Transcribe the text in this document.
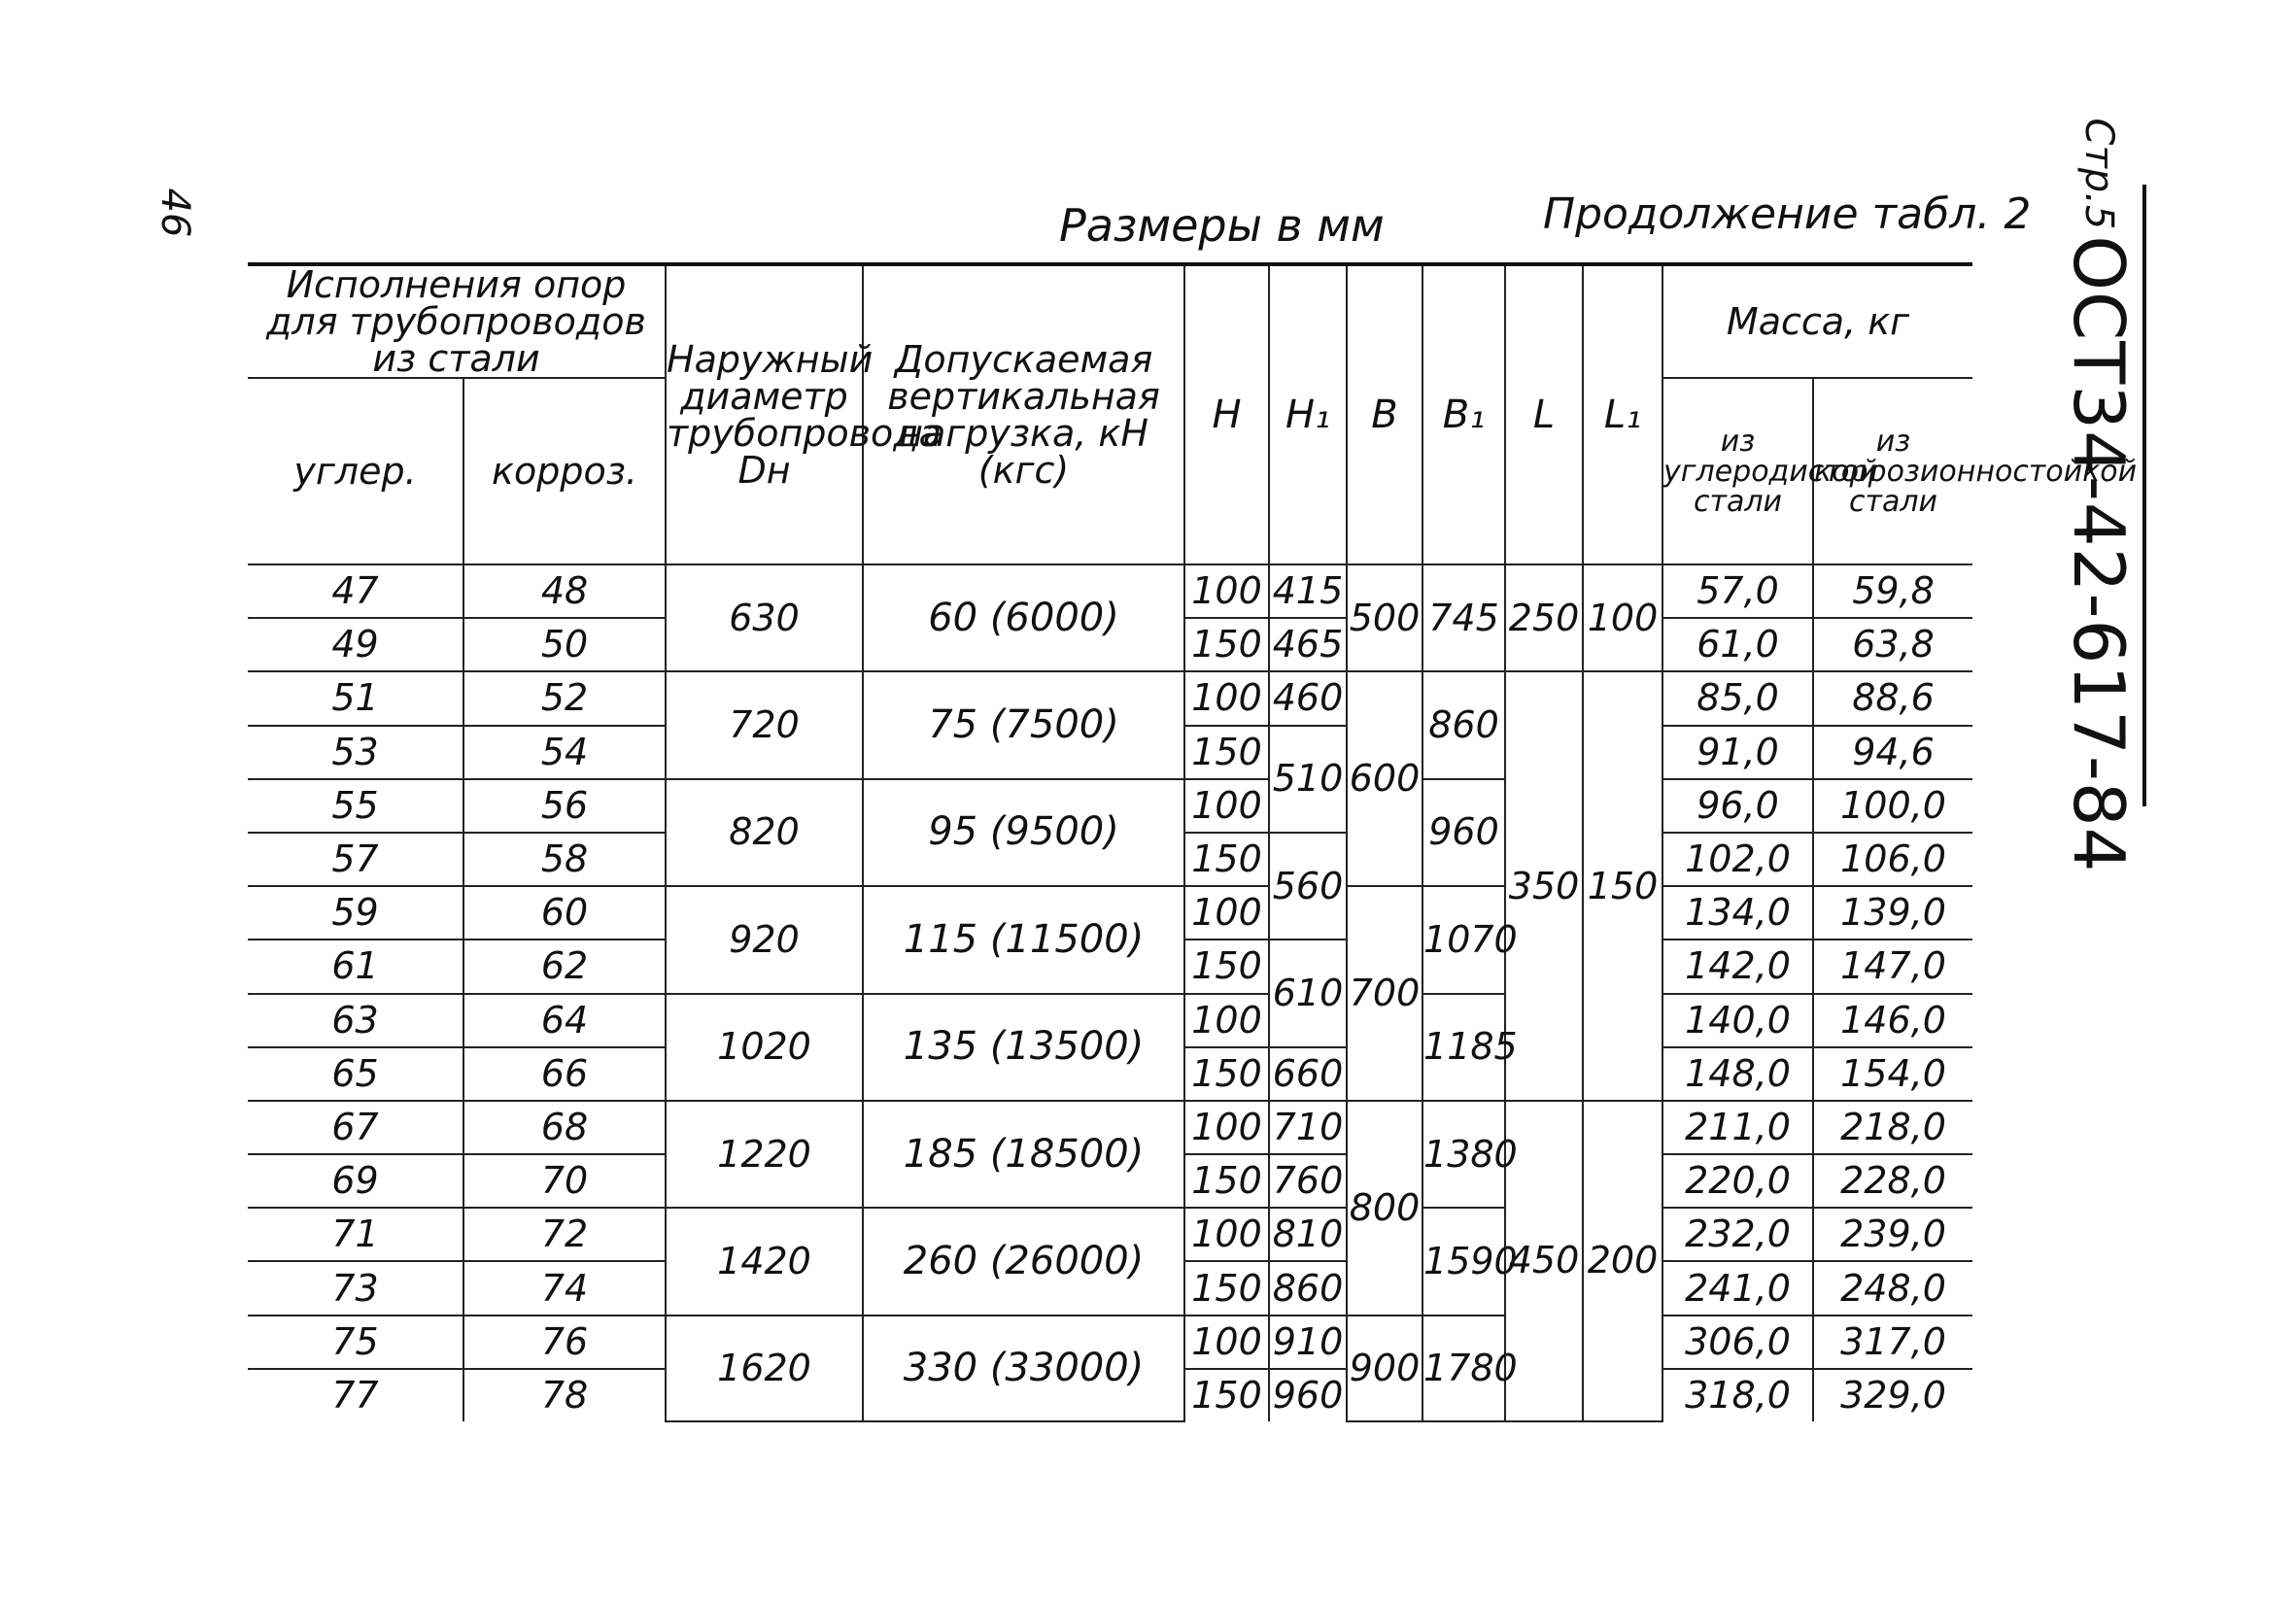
46	Размеры в мм	Продолжение табл. 2 Стр.5
ОСТ34-42-617-84
Исполнения опор для трубопроводов из стали		Наружный диаметр трубопровода Dн	Допускаемая вертикальная нагрузка, кН (кгс)	H	H₁	B	B₁	L	L₁	Масса, кг	
углер.	корроз.									из углеродистой стали	из коррозионностойкой стали
47	48	630	60 (6000)	100	415	500	745	250	100	57,0	59,8
49	50			150	465					61,0	63,8
51	52	720	75 (7500)	100	460	600	860	350	150	85,0	88,6
53	54			150	510					91,0	94,6
55	56	820	95 (9500)	100			960			96,0	100,0
57	58			150	560					102,0	106,0
59	60	920	115 (11500)	100		700	1070			134,0	139,0
61	62			150	610					142,0	147,0
63	64	1020	135 (13500)	100			1185			140,0	146,0
65	66			150	660					148,0	154,0
67	68	1220	185 (18500)	100	710	800	1380	450	200	211,0	218,0
69	70			150	760					220,0	228,0
71	72	1420	260 (26000)	100	810		1590			232,0	239,0
73	74			150	860					241,0	248,0
75	76	1620	330 (33000)	100	910	900	1780			306,0	317,0
77	78			150	960					318,0	329,0
